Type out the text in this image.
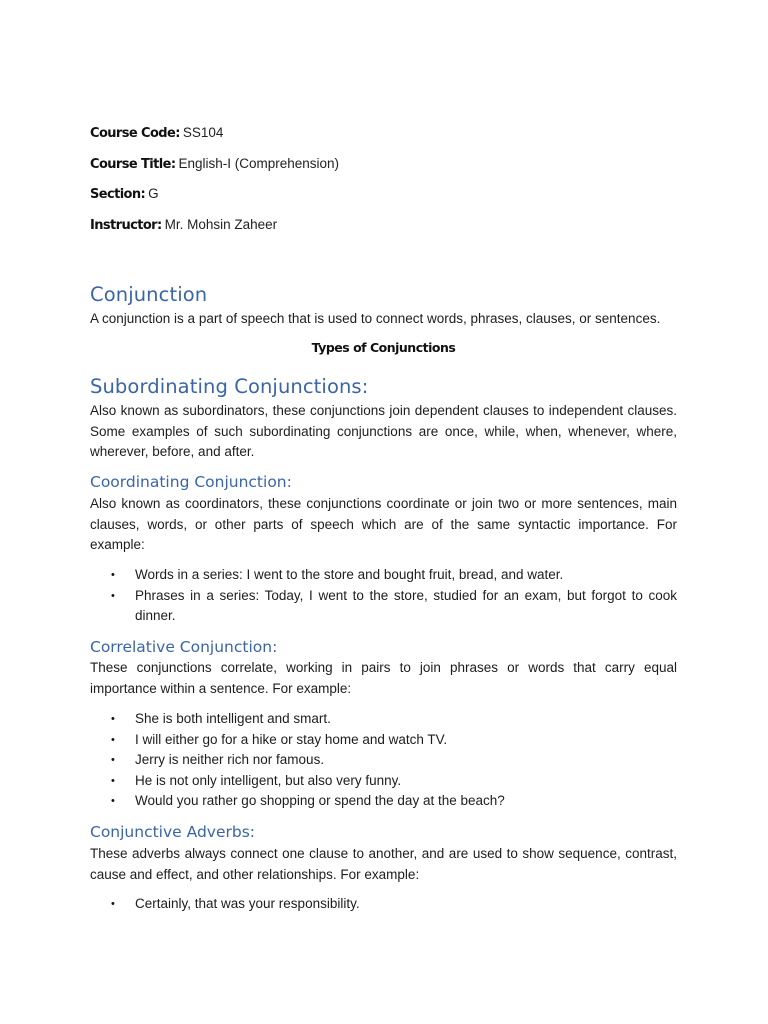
Course Code: SS104
Course Title: English-I (Comprehension)
Section: G
Instructor: Mr. Mohsin Zaheer
Conjunction
A conjunction is a part of speech that is used to connect words, phrases, clauses, or sentences.
Types of Conjunctions
Subordinating Conjunctions:
Also known as subordinators, these conjunctions join dependent clauses to independent clauses. Some examples of such subordinating conjunctions are once, while, when, whenever, where, wherever, before, and after.
Coordinating Conjunction:
Also known as coordinators, these conjunctions coordinate or join two or more sentences, main clauses, words, or other parts of speech which are of the same syntactic importance. For example:
• Words in a series: I went to the store and bought fruit, bread, and water.
• Phrases in a series: Today, I went to the store, studied for an exam, but forgot to cook dinner.
Correlative Conjunction:
These conjunctions correlate, working in pairs to join phrases or words that carry equal importance within a sentence. For example:
• She is both intelligent and smart.
• I will either go for a hike or stay home and watch TV.
• Jerry is neither rich nor famous.
• He is not only intelligent, but also very funny.
• Would you rather go shopping or spend the day at the beach?
Conjunctive Adverbs:
These adverbs always connect one clause to another, and are used to show sequence, contrast, cause and effect, and other relationships. For example:
• Certainly, that was your responsibility.
